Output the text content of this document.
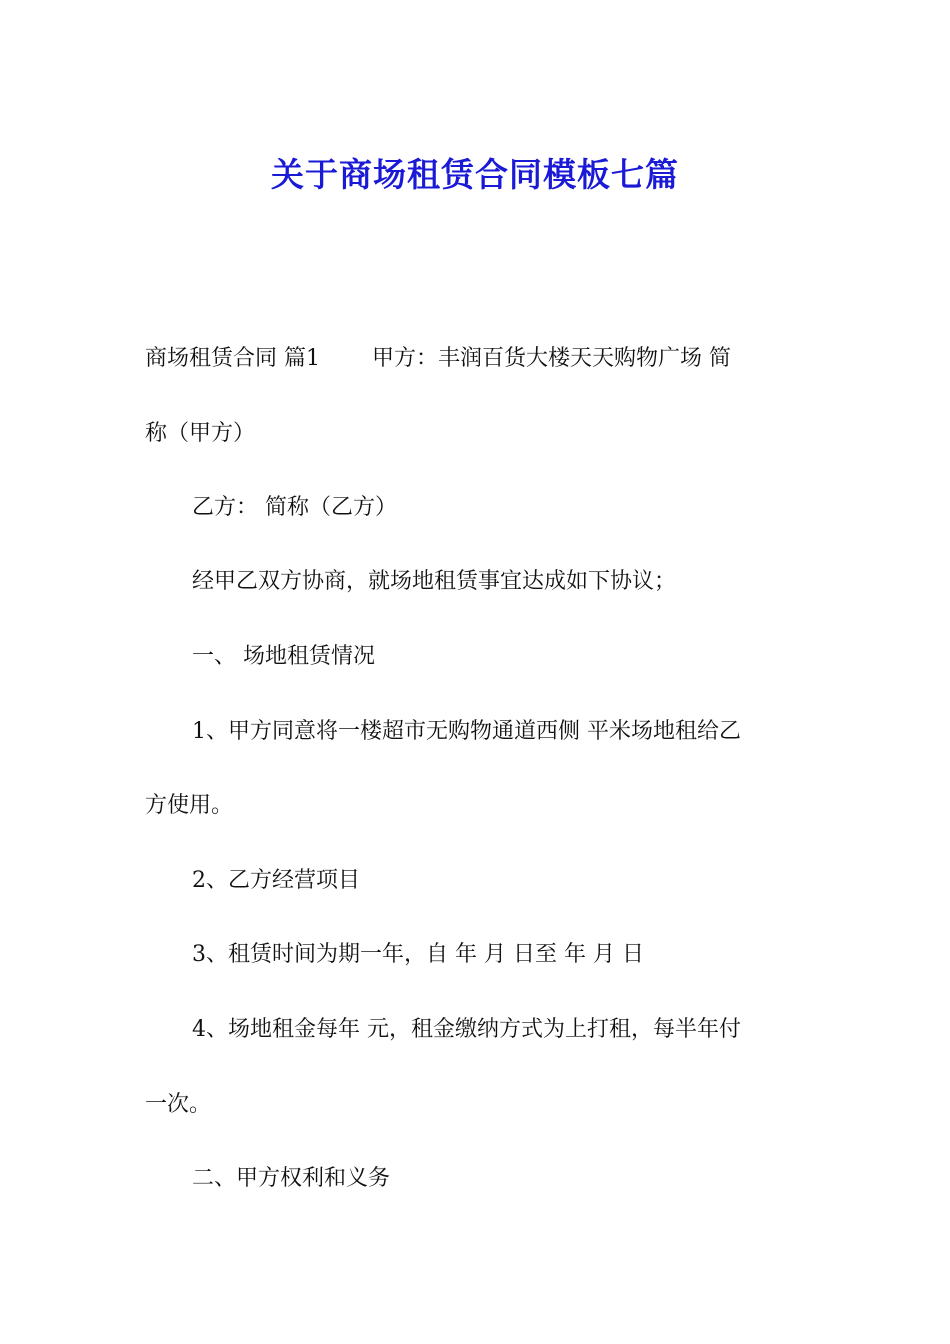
关于商场租赁合同模板七篇
商场租赁合同 篇1 甲方：丰润百货大楼天天购物广场 简
称（甲方）
乙方： 简称（乙方）
经甲乙双方协商，就场地租赁事宜达成如下协议；
一、 场地租赁情况
1、甲方同意将一楼超市无购物通道西侧 平米场地租给乙
方使用。
2、乙方经营项目
3、租赁时间为期一年，自 年 月 日至 年 月 日
4、场地租金每年 元，租金缴纳方式为上打租，每半年付
一次。
二、甲方权利和义务
